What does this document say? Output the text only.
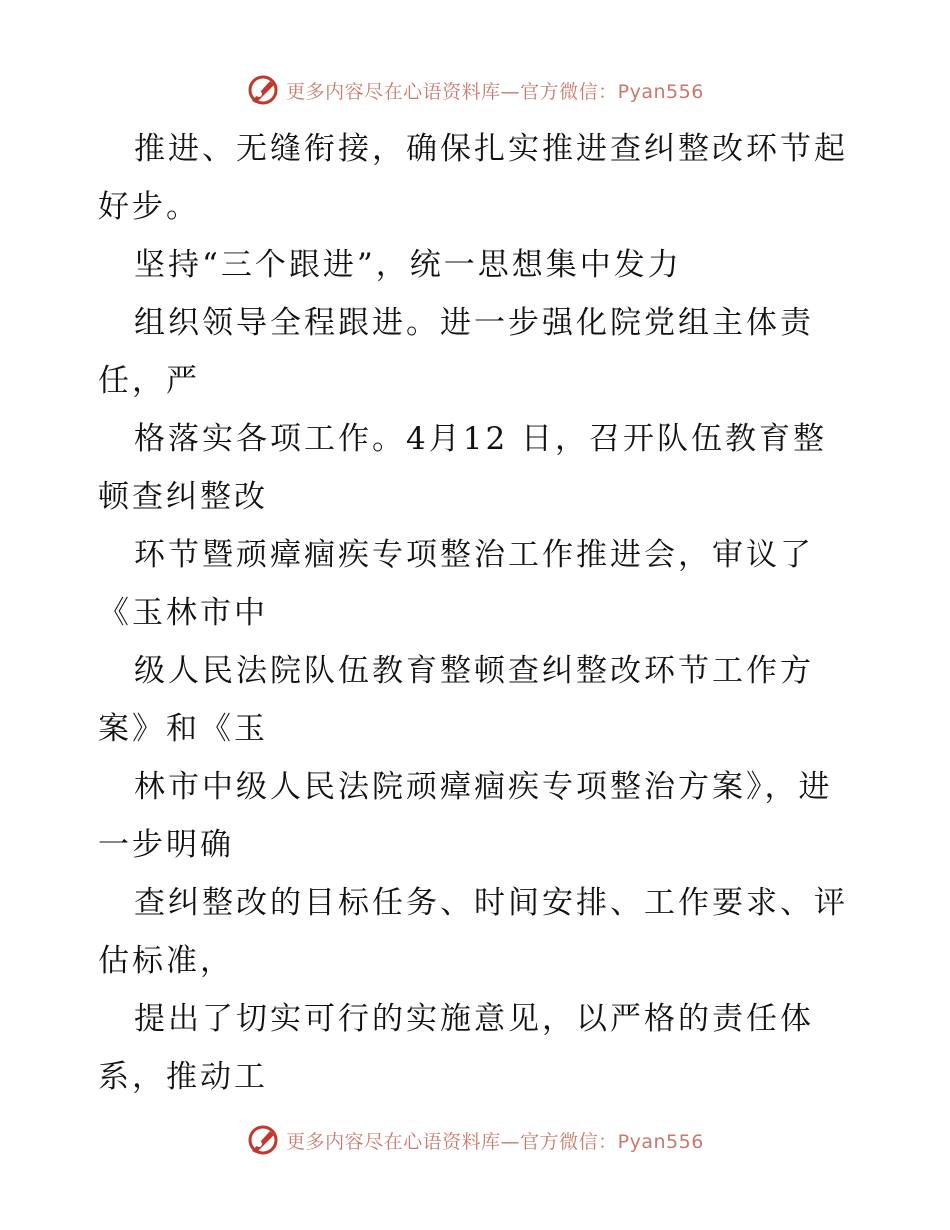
更多内容尽在心语资料库—官方微信：Pyan556
推进、无缝衔接，确保扎实推进查纠整改环节起
好步。
坚持“三个跟进”，统一思想集中发力
组织领导全程跟进。进一步强化院党组主体责
任，严
格落实各项工作。4月12 日，召开队伍教育整
顿查纠整改
环节暨顽瘴痼疾专项整治工作推进会，审议了
《玉林市中
级人民法院队伍教育整顿查纠整改环节工作方
案》和《玉
林市中级人民法院顽瘴痼疾专项整治方案》，进
一步明确
查纠整改的目标任务、时间安排、工作要求、评
估标准，
提出了切实可行的实施意见，以严格的责任体
系，推动工
更多内容尽在心语资料库—官方微信：Pyan556
